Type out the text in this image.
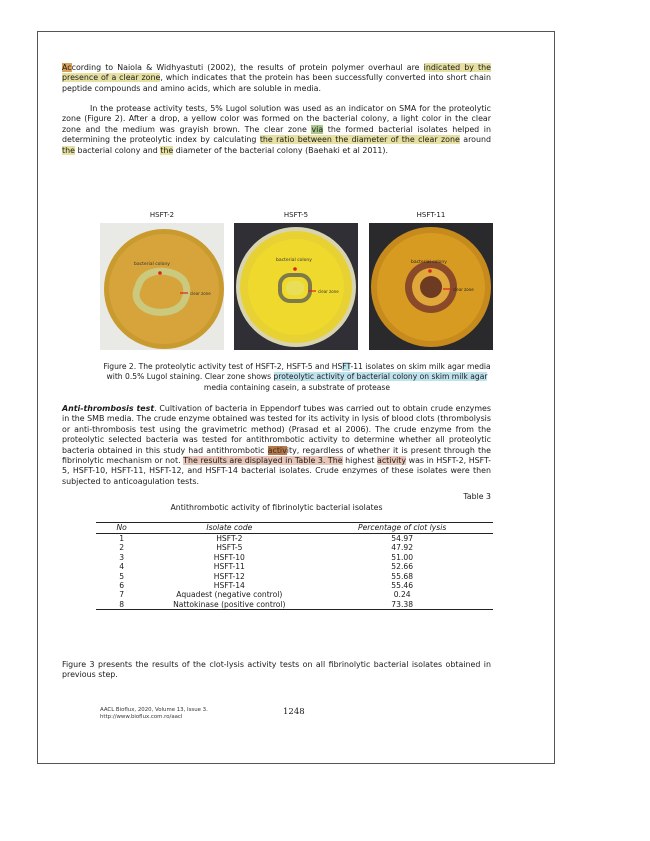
According to Naiola & Widhyastuti (2002), the results of protein polymer overhaul are indicated by the presence of a clear zone, which indicates that the protein has been successfully converted into short chain peptide compounds and amino acids, which are soluble in media.

In the protease activity tests, 5% Lugol solution was used as an indicator on SMA for the proteolytic zone (Figure 2). After a drop, a yellow color was formed on the bacterial colony, a light color in the clear zone and the medium was grayish brown. The clear zone via the formed bacterial isolates helped in determining the proteolytic index by calculating the ratio between the diameter of the clear zone around the bacterial colony and the diameter of the bacterial colony (Baehaki et al 2011).

HSFT-2
bacterial colony
clear zone
HSFT-5
bacterial colony
clear zone
HSFT-11
bacterial colony
clear zone

Figure 2. The proteolytic activity test of HSFT-2, HSFT-5 and HSFT-11 isolates on skim milk agar media with 0.5% Lugol staining. Clear zone shows proteolytic activity of bacterial colony on skim milk agar media containing casein, a substrate of protease

Anti-thrombosis test. Cultivation of bacteria in Eppendorf tubes was carried out to obtain crude enzymes in the SMB media. The crude enzyme obtained was tested for its activity in lysis of blood clots (thrombolysis or anti-thrombosis test using the gravimetric method) (Prasad et al 2006). The crude enzyme from the proteolytic selected bacteria was tested for antithrombotic activity to determine whether all proteolytic bacteria obtained in this study had antithrombotic activity, regardless of whether it is present through the fibrinolytic mechanism or not. The results are displayed in Table 3. The highest activity was in HSFT-2, HSFT-5, HSFT-10, HSFT-11, HSFT-12, and HSFT-14 bacterial isolates. Crude enzymes of these isolates were then subjected to anticoagulation tests.

Table 3
Antithrombotic activity of fibrinolytic bacterial isolates
No	Isolate code	Percentage of clot lysis
1	HSFT-2	54.97
2	HSFT-5	47.92
3	HSFT-10	51.00
4	HSFT-11	52.66
5	HSFT-12	55.68
6	HSFT-14	55.46
7	Aquadest (negative control)	0.24
8	Nattokinase (positive control)	73.38

Figure 3 presents the results of the clot-lysis activity tests on all fibrinolytic bacterial isolates obtained in previous step.

AACL Bioflux, 2020, Volume 13, Issue 3.
http://www.bioflux.com.ro/aacl	1248
